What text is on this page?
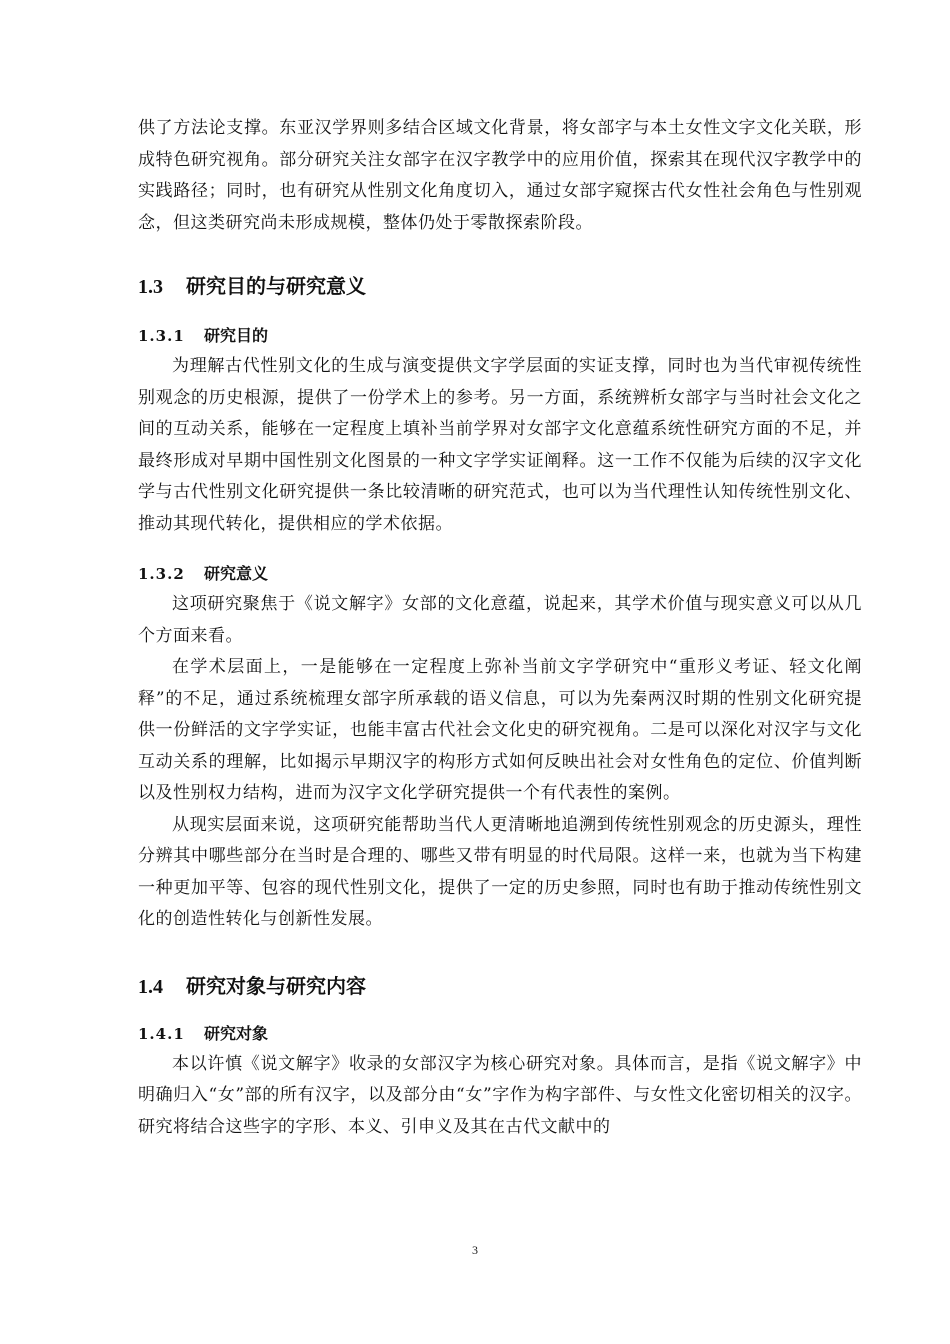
供了方法论支撑。东亚汉学界则多结合区域文化背景，将女部字与本土女性文字文化关联，形成特色研究视角。部分研究关注女部字在汉字教学中的应用价值，探索其在现代汉字教学中的实践路径；同时，也有研究从性别文化角度切入，通过女部字窥探古代女性社会角色与性别观念，但这类研究尚未形成规模，整体仍处于零散探索阶段。

1.3	研究目的与研究意义
1.3.1	研究目的

为理解古代性别文化的生成与演变提供文字学层面的实证支撑，同时也为当代审视传统性别观念的历史根源，提供了一份学术上的参考。另一方面，系统辨析女部字与当时社会文化之间的互动关系，能够在一定程度上填补当前学界对女部字文化意蕴系统性研究方面的不足，并最终形成对早期中国性别文化图景的一种文字学实证阐释。这一工作不仅能为后续的汉字文化学与古代性别文化研究提供一条比较清晰的研究范式，也可以为当代理性认知传统性别文化、推动其现代转化，提供相应的学术依据。

1.3.2	研究意义

这项研究聚焦于《说文解字》女部的文化意蕴，说起来，其学术价值与现实意义可以从几个方面来看。

在学术层面上，一是能够在一定程度上弥补当前文字学研究中“重形义考证、轻文化阐释”的不足，通过系统梳理女部字所承载的语义信息，可以为先秦两汉时期的性别文化研究提供一份鲜活的文字学实证，也能丰富古代社会文化史的研究视角。二是可以深化对汉字与文化互动关系的理解，比如揭示早期汉字的构形方式如何反映出社会对女性角色的定位、价值判断以及性别权力结构，进而为汉字文化学研究提供一个有代表性的案例。

从现实层面来说，这项研究能帮助当代人更清晰地追溯到传统性别观念的历史源头，理性分辨其中哪些部分在当时是合理的、哪些又带有明显的时代局限。这样一来，也就为当下构建一种更加平等、包容的现代性别文化，提供了一定的历史参照，同时也有助于推动传统性别文化的创造性转化与创新性发展。

1.4	研究对象与研究内容
1.4.1	研究对象

本以许慎《说文解字》收录的女部汉字为核心研究对象。具体而言，是指《说文解字》中明确归入“女”部的所有汉字，以及部分由“女”字作为构字部件、与女性文化密切相关的汉字。研究将结合这些字的字形、本义、引申义及其在古代文献中的

3
